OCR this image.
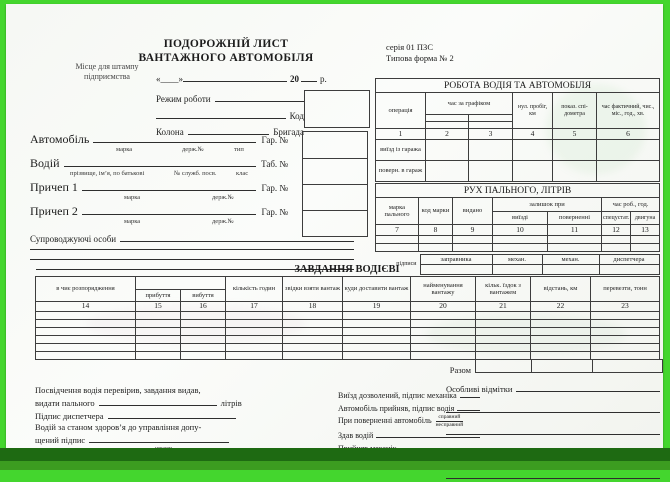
Місце для штампу
підприємства
ПОДОРОЖНІЙ ЛИСТ
ВАНТАЖНОГО АВТОМОБІЛЯ
серія 01 ПЗС
Типова форма № 2
«____»	20 р.
Режим роботи
Код
Колона	Бригада
Автомобіль	Гар. №
марка	держ.№	тип
Водій	Таб. №
прізвище, ім’я, по батькові	№ служб. посв.	клас
Причеп 1	Гар. №
марка	держ.№
Причеп 2	Гар. №
марка	держ.№
Супроводжуючі особи
РОБОТА ВОДІЯ ТА АВТОМОБІЛЯ					
операція	час за графіком		нул. пробіг, км	показ. спі- дометра	час фактичний, чис., міс., год., хв.

1	2	3	4	5	6
виїзд із гаража					
поверн. в гараж					
РУХ ПАЛЬНОГО, ЛІТРІВ						
марка пального	код марки	видано	залишок при		час роб., год.	
			виїзді	поверненні	спецустат.	двигуна
7	8	9	10	11	12	13

підписи	заправника	механ.	механ.	диспетчера

ЗАВДАННЯ ВОДІЄВІ
в чиє розпорядження			кількість годин	звідки взяти вантаж	куди доставити вантаж	найменування вантажу	кільк. їздок з вантажем	відстань, км	перевезти, тонн
	прибуття	вибуття							
14	15	16	17	18	19	20	21	22	23

Разом
Посвідчення водія перевірив, завдання видав,
видати пального	літрів
Підпис диспетчера
Водій за станом здоров’я до управління допу-
щений підпис
Виїзд дозволений, підпис механіка
Автомобіль прийняв, підпис водія
При поверненні автомобіль $\frac{\text{справний}}{\text{несправний}}$
Здав водій
Особливі відмітки
